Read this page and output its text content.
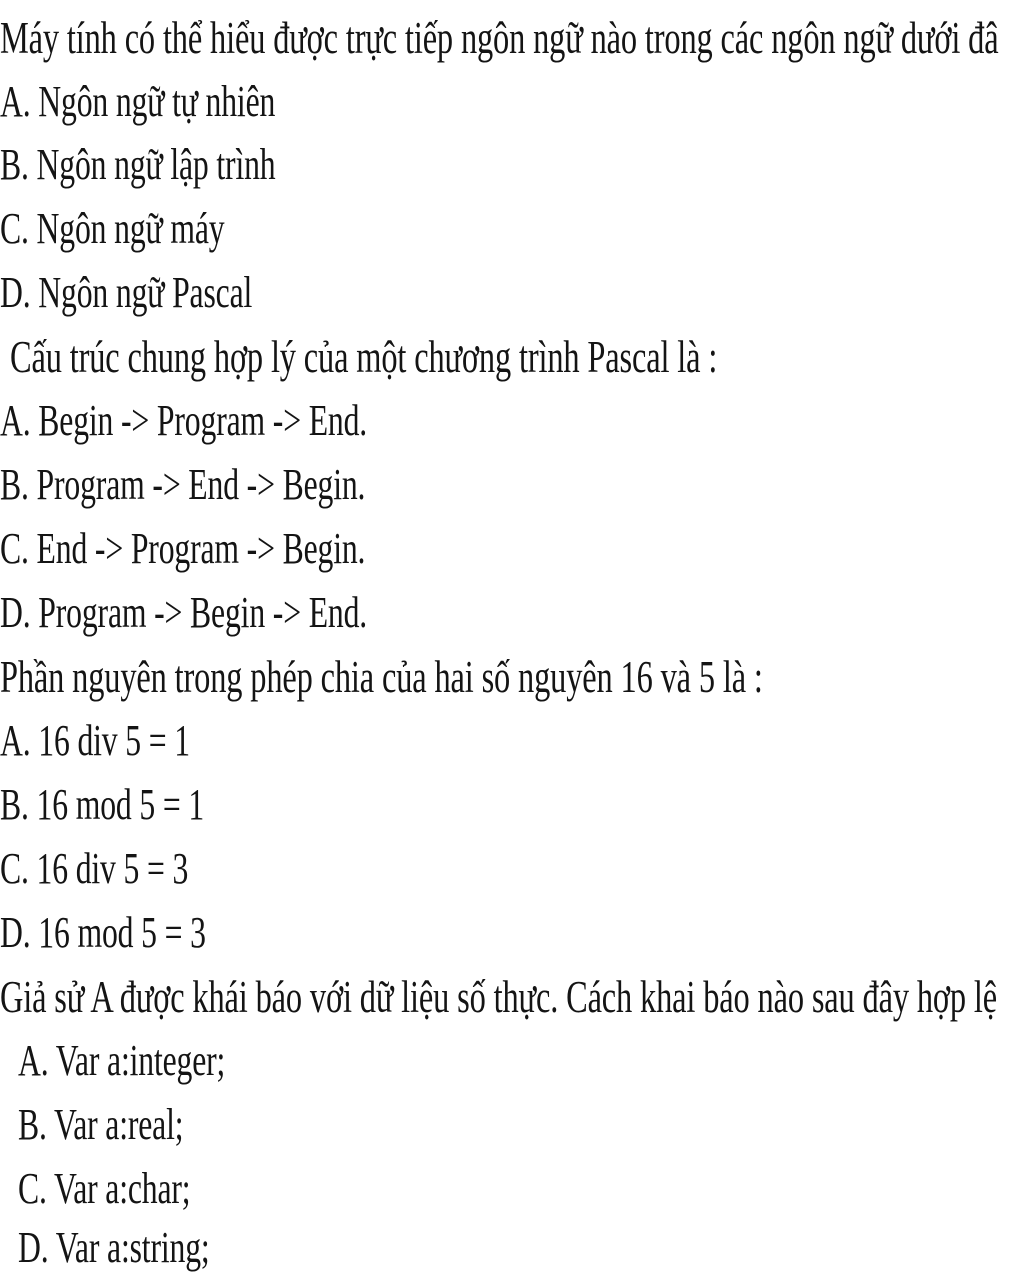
Máy tính có thể hiểu được trực tiếp ngôn ngữ nào trong các ngôn ngữ dưới đâ
A. Ngôn ngữ tự nhiên
B. Ngôn ngữ lập trình
C. Ngôn ngữ máy
D. Ngôn ngữ Pascal
Cấu trúc chung hợp lý của một chương trình Pascal là :
A. Begin -> Program -> End.
B. Program -> End -> Begin.
C. End -> Program -> Begin.
D. Program -> Begin -> End.
Phần nguyên trong phép chia của hai số nguyên 16 và 5 là :
A. 16 div 5 = 1
B. 16 mod 5 = 1
C. 16 div 5 = 3
D. 16 mod 5 = 3
Giả sử A được khái báo với dữ liệu số thực. Cách khai báo nào sau đây hợp lệ
A. Var a:integer;
B. Var a:real;
C. Var a:char;
D. Var a:string;
